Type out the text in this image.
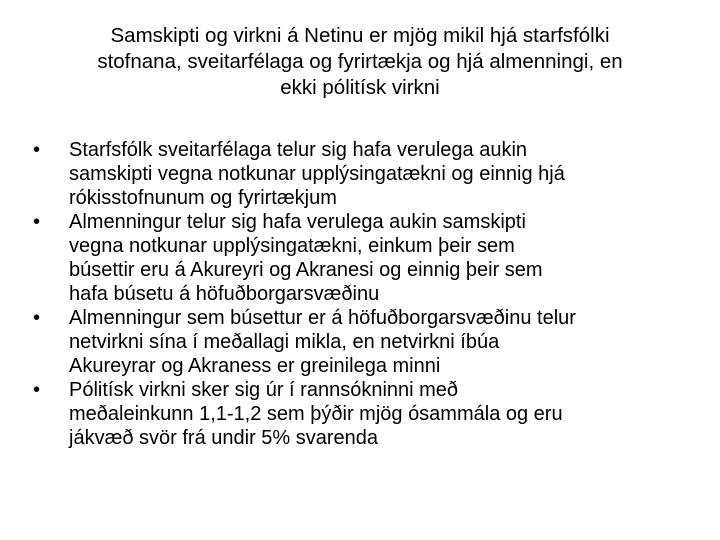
Samskipti og virkni á Netinu er mjög mikil hjá starfsfólki
stofnana, sveitarfélaga og fyrirtækja og hjá almenningi, en
ekki pólitísk virkni
• Starfsfólk sveitarfélaga telur sig hafa verulega aukin
samskipti vegna notkunar upplýsingatækni og einnig hjá
rókisstofnunum og fyrirtækjum
• Almenningur telur sig hafa verulega aukin samskipti
vegna notkunar upplýsingatækni, einkum þeir sem
búsettir eru á Akureyri og Akranesi og einnig þeir sem
hafa búsetu á höfuðborgarsvæðinu
• Almenningur sem búsettur er á höfuðborgarsvæðinu telur
netvirkni sína í meðallagi mikla, en netvirkni íbúa
Akureyrar og Akraness er greinilega minni
• Pólitísk virkni sker sig úr í rannsókninni með
meðaleinkunn 1,1-1,2 sem þýðir mjög ósammála og eru
jákvæð svör frá undir 5% svarenda
